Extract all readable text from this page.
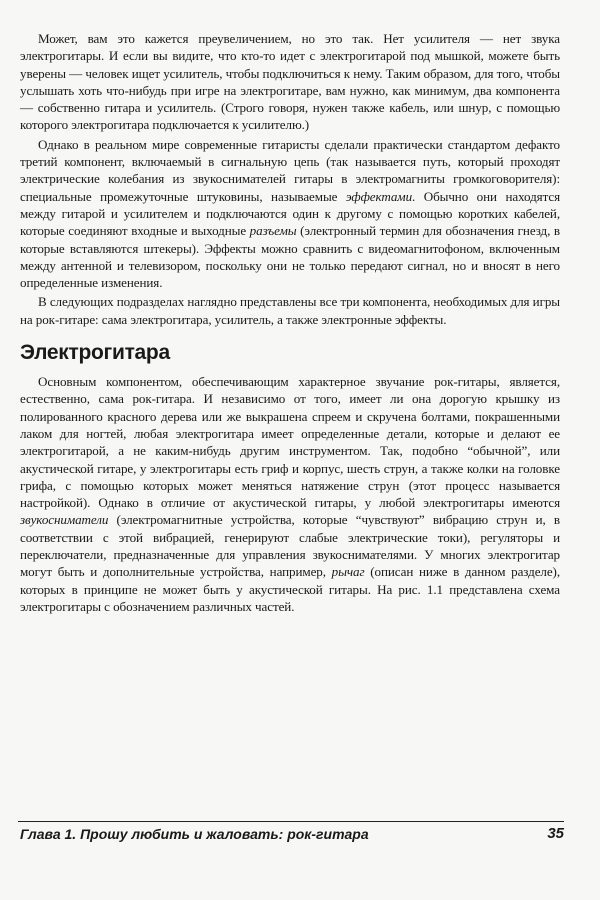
Может, вам это кажется преувеличением, но это так. Нет усилителя — нет звука электрогитары. И если вы видите, что кто-то идет с электрогитарой под мышкой, можете быть уверены — человек ищет усилитель, чтобы подключиться к нему. Таким образом, для того, чтобы услышать хоть что-нибудь при игре на электрогитаре, вам нужно, как минимум, два компонента — собственно гитара и усилитель. (Строго говоря, нужен также кабель, или шнур, с помощью которого электрогитара подключается к усилителю.)

Однако в реальном мире современные гитаристы сделали практически стандартом дефакто третий компонент, включаемый в сигнальную цепь (так называется путь, который проходят электрические колебания из звукоснимателей гитары в электромагниты громкоговорителя): специальные промежуточные штуковины, называемые эффектами. Обычно они находятся между гитарой и усилителем и подключаются один к другому с помощью коротких кабелей, которые соединяют входные и выходные разъемы (электронный термин для обозначения гнезд, в которые вставляются штекеры). Эффекты можно сравнить с видеомагнитофоном, включенным между антенной и телевизором, поскольку они не только передают сигнал, но и вносят в него определенные изменения.

В следующих подразделах наглядно представлены все три компонента, необходимых для игры на рок-гитаре: сама электрогитара, усилитель, а также электронные эффекты.

Электрогитара

Основным компонентом, обеспечивающим характерное звучание рок-гитары, является, естественно, сама рок-гитара. И независимо от того, имеет ли она дорогую крышку из полированного красного дерева или же выкрашена спреем и скручена болтами, покрашенными лаком для ногтей, любая электрогитара имеет определенные детали, которые и делают ее электрогитарой, а не каким-нибудь другим инструментом. Так, подобно “обычной”, или акустической гитаре, у электрогитары есть гриф и корпус, шесть струн, а также колки на головке грифа, с помощью которых может меняться натяжение струн (этот процесс называется настройкой). Однако в отличие от акустической гитары, у любой электрогитары имеются звукосниматели (электромагнитные устройства, которые “чувствуют” вибрацию струн и, в соответствии с этой вибрацией, генерируют слабые электрические токи), регуляторы и переключатели, предназначенные для управления звукоснимателями. У многих электрогитар могут быть и дополнительные устройства, например, рычаг (описан ниже в данном разделе), которых в принципе не может быть у акустической гитары. На рис. 1.1 представлена схема электрогитары с обозначением различных частей.

Глава 1. Прошу любить и жаловать: рок-гитара	35
